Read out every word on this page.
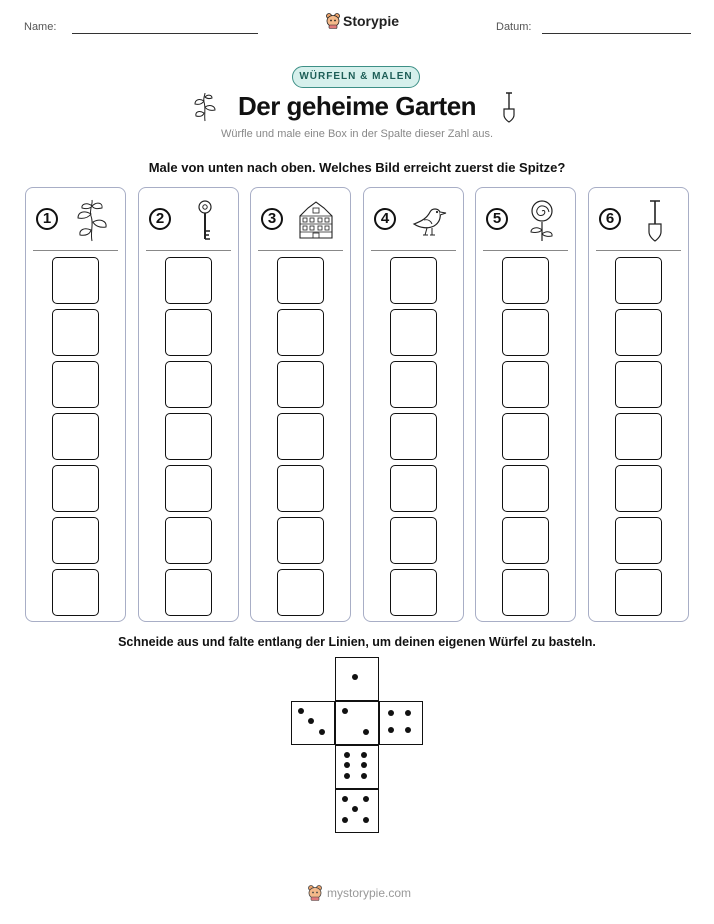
Name:	Storypie	Datum:
WÜRFELN & MALEN
Der geheime Garten
Würfle und male eine Box in der Spalte dieser Zahl aus.
Male von unten nach oben. Welches Bild erreicht zuerst die Spitze?
1	2	3	4	5	6
Schneide aus und falte entlang der Linien, um deinen eigenen Würfel zu basteln.
mystorypie.com
